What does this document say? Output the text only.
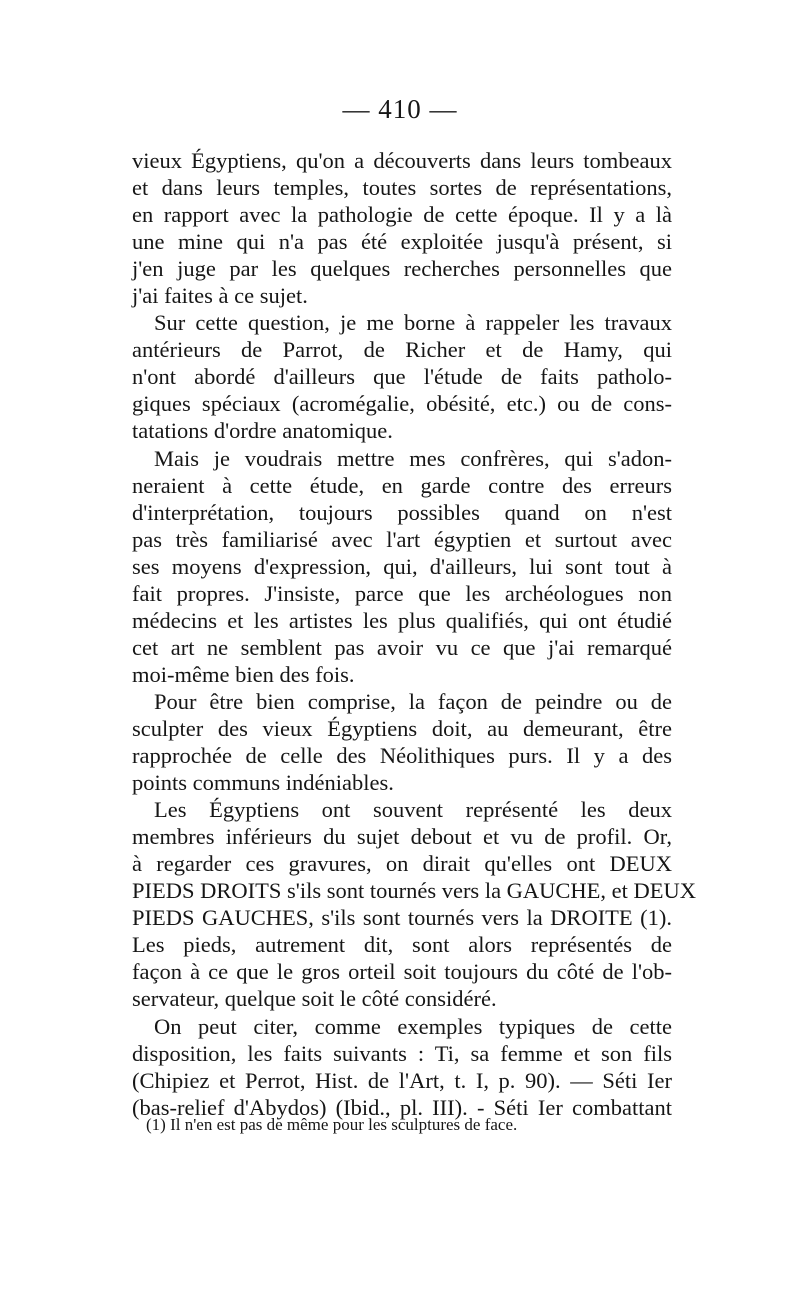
— 410 —
vieux Égyptiens, qu'on a découverts dans leurs tombeaux
et dans leurs temples, toutes sortes de représentations,
en rapport avec la pathologie de cette époque. Il y a là
une mine qui n'a pas été exploitée jusqu'à présent, si
j'en juge par les quelques recherches personnelles que
j'ai faites à ce sujet.
Sur cette question, je me borne à rappeler les travaux
antérieurs de Parrot, de Richer et de Hamy, qui
n'ont abordé d'ailleurs que l'étude de faits patholo-
giques spéciaux (acromégalie, obésité, etc.) ou de cons-
tatations d'ordre anatomique.
Mais je voudrais mettre mes confrères, qui s'adon-
neraient à cette étude, en garde contre des erreurs
d'interprétation, toujours possibles quand on n'est
pas très familiarisé avec l'art égyptien et surtout avec
ses moyens d'expression, qui, d'ailleurs, lui sont tout à
fait propres. J'insiste, parce que les archéologues non
médecins et les artistes les plus qualifiés, qui ont étudié
cet art ne semblent pas avoir vu ce que j'ai remarqué
moi-même bien des fois.
Pour être bien comprise, la façon de peindre ou de
sculpter des vieux Égyptiens doit, au demeurant, être
rapprochée de celle des Néolithiques purs. Il y a des
points communs indéniables.
Les Égyptiens ont souvent représenté les deux
membres inférieurs du sujet debout et vu de profil. Or,
à regarder ces gravures, on dirait qu'elles ont DEUX
PIEDS DROITS s'ils sont tournés vers la GAUCHE, et DEUX
PIEDS GAUCHES, s'ils sont tournés vers la DROITE (1).
Les pieds, autrement dit, sont alors représentés de
façon à ce que le gros orteil soit toujours du côté de l'ob-
servateur, quelque soit le côté considéré.
On peut citer, comme exemples typiques de cette
disposition, les faits suivants : Ti, sa femme et son fils
(Chipiez et Perrot, Hist. de l'Art, t. I, p. 90). — Séti Ier
(bas-relief d'Abydos) (Ibid., pl. III). - Séti Ier combattant
(1) Il n'en est pas de même pour les sculptures de face.
